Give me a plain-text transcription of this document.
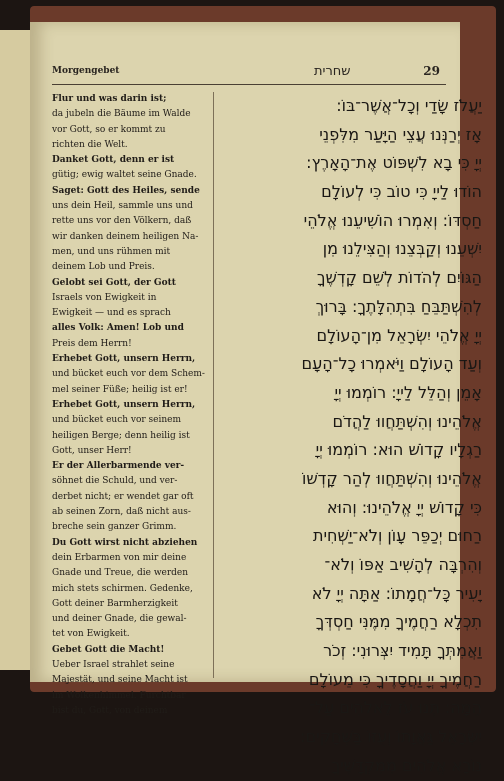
Morgengebet	שחרית	29
Flur und was darin ist;
da jubeln die Bäume im Walde
vor Gott, so er kommt zu
richten die Welt.
Danket Gott, denn er ist
gütig; ewig waltet seine Gnade.
Saget: Gott des Heiles, sende
uns dein Heil, sammle uns und
rette uns vor den Völkern, daß
wir danken deinem heiligen Na-
men, und uns rühmen mit
deinem Lob und Preis.
Gelobt sei Gott, der Gott
Israels von Ewigkeit in
Ewigkeit — und es sprach
alles Volk: Amen! Lob und
Preis dem Herrn!
Erhebet Gott, unsern Herrn,
und bücket euch vor dem Schem-
mel seiner Füße; heilig ist er!
Erhebet Gott, unsern Herrn,
und bücket euch vor seinem
heiligen Berge; denn heilig ist
Gott, unser Herr!
Er der Allerbarmende ver-
söhnet die Schuld, und ver-
derbet nicht; er wendet gar oft
ab seinen Zorn, daß nicht aus-
breche sein ganzer Grimm.
Du Gott wirst nicht abziehen
dein Erbarmen von mir deine
Gnade und Treue, die werden
mich stets schirmen. Gedenke,
Gott deiner Barmherzigkeit
und deiner Gnade, die gewal-
tet von Ewigkeit.
Gebet Gott die Macht!
Ueber Israel strahlet seine
Majestät, und seine Macht ist
im Wolkenhimmel. Furchtbar
bist du, Gott, von deinem
יַעֲלֹז שָׂדַי וְכָל־אֲשֶׁר־בּוֹ:
אָז יְרַנְּנוּ עֲצֵי הַיָּעַר מִלִּפְנֵי
יְיָ כִּי בָא לִשְׁפּוֹט אֶת־הָאָרֶץ:
הוֹדוּ לַייָ כִּי טוֹב כִּי לְעוֹלָם
חַסְדּוֹ: וְאִמְרוּ הוֹשִׁיעֵנוּ אֱלֹהֵי
יִשְׁעֵנוּ וְקַבְּצֵנוּ וְהַצִּילֵנוּ מִן
הַגּוֹיִם לְהֹדוֹת לְשֵׁם קָדְשֶׁךָ
לְהִשְׁתַּבֵּחַ בִּתְהִלָּתֶךָ: בָּרוּךְ
יְיָ אֱלֹהֵי יִשְׂרָאֵל מִן־הָעוֹלָם
וְעַד הָעוֹלָם וַיֹּאמְרוּ כָל־הָעָם
אָמֵן וְהַלֵּל לַייָ: רוֹמְמוּ יְיָ
אֱלֹהֵינוּ וְהִשְׁתַּחֲווּ לַהֲדֹם
רַגְלָיו קָדוֹשׁ הוּא: רוֹמְמוּ יְיָ
אֱלֹהֵינוּ וְהִשְׁתַּחֲווּ לְהַר קָדְשׁוֹ
כִּי קָדוֹשׁ יְיָ אֱלֹהֵינוּ: וְהוּא
רַחוּם יְכַפֵּר עָוֹן וְלֹא־יַשְׁחִית
וְהִרְבָּה לְהָשִׁיב אַפּוֹ וְלֹא־
יָעִיר כָּל־חֲמָתוֹ: אַתָּה יְיָ לֹא
תִכְלָא רַחֲמֶיךָ מִמֶּנִּי חַסְדְּךָ
וַאֲמִתְּךָ תָּמִיד יִצְּרוּנִי: זְכֹר
רַחֲמֶיךָ יְיָ וַחֲסָדֶיךָ כִּי מֵעוֹלָם
הֵמָּה: תְּנוּ עֹז לֵאלֹהִים עַל־
יִשְׂרָאֵל גַּאֲוָתוֹ וְעֻזּוֹ בַּשְּׁחָקִים:
נוֹרָא אֱלֹהִים מִמִּקְדָּשֶׁיךָ
